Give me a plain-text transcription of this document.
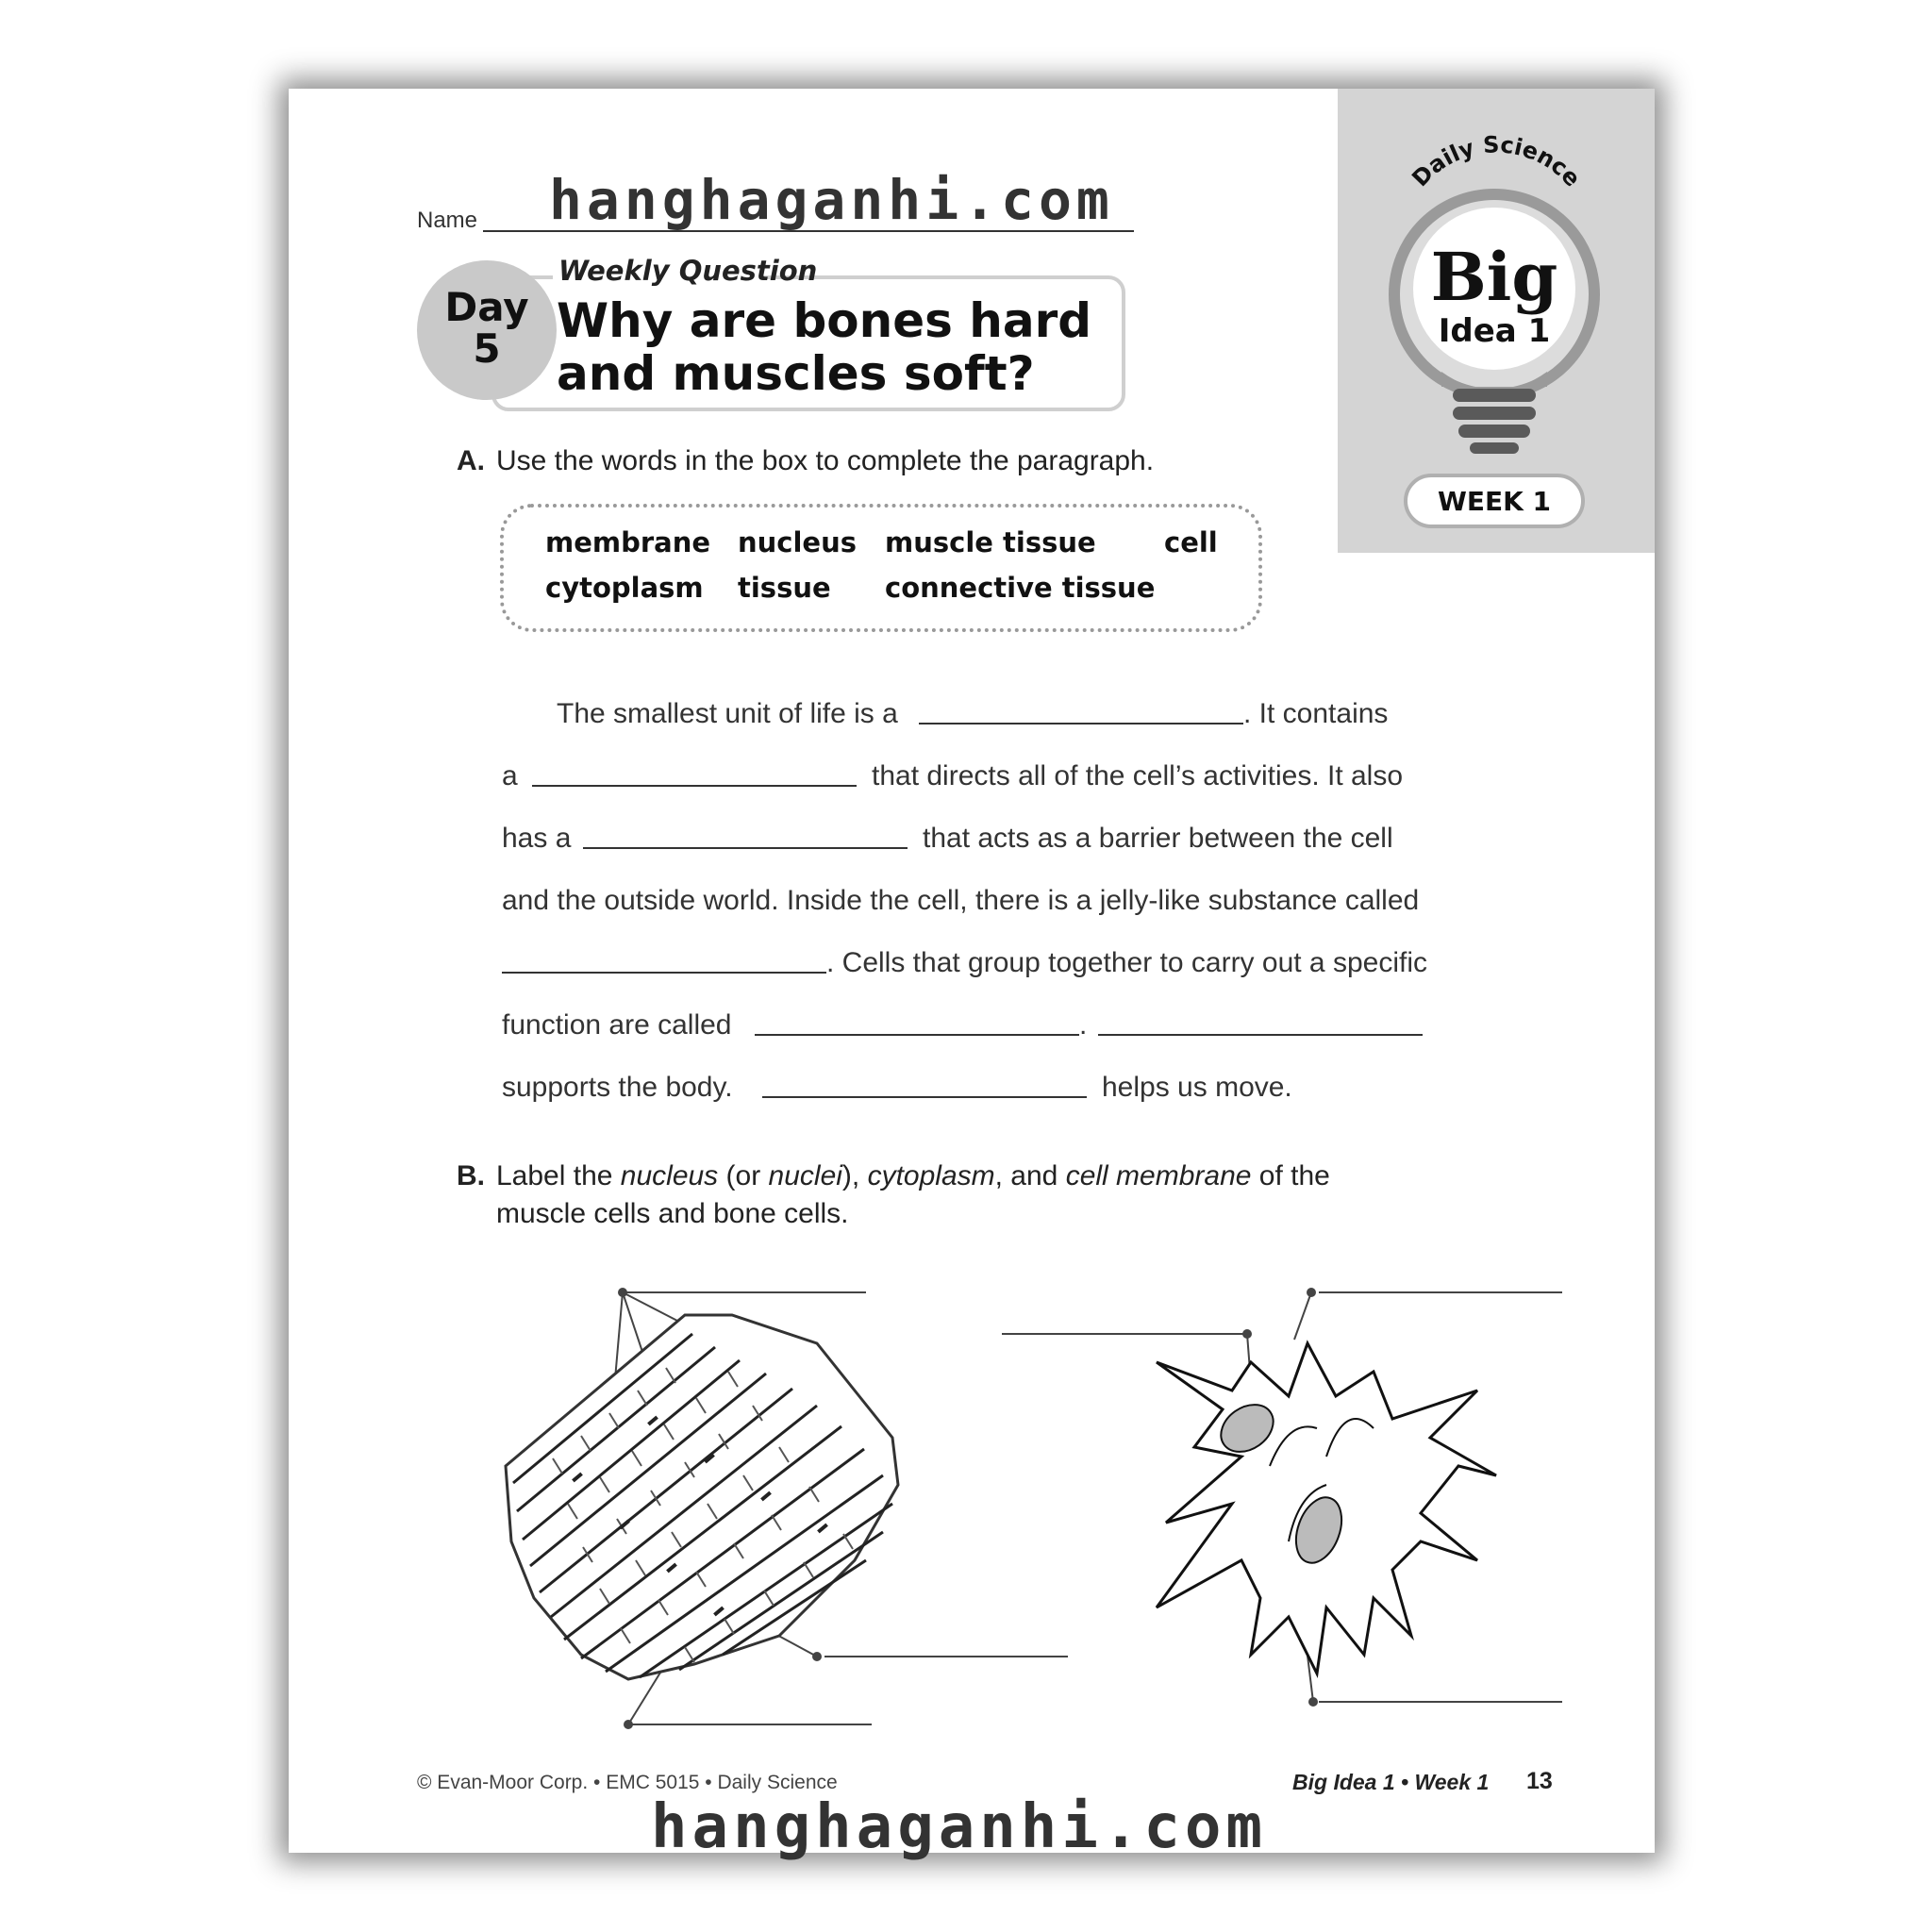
Name hanghaganhi.com
Weekly Question
Why are bones hard
and muscles soft?
Day
5
Daily Science
Big
Idea 1
WEEK 1
A. Use the words in the box to complete the paragraph.
membrane nucleus muscle tissue cell
cytoplasm tissue connective tissue
The smallest unit of life is a	. It contains
a	that directs all of the cell’s activities. It also
has a	that acts as a barrier between the cell
and the outside world. Inside the cell, there is a jelly-like substance called
. Cells that group together to carry out a specific
function are called	.
supports the body.	helps us move.
B. Label the nucleus (or nuclei), cytoplasm, and cell membrane of the
muscle cells and bone cells.
© Evan-Moor Corp. • EMC 5015 • Daily Science	Big Idea 1 • Week 1 13
hanghaganhi.com
